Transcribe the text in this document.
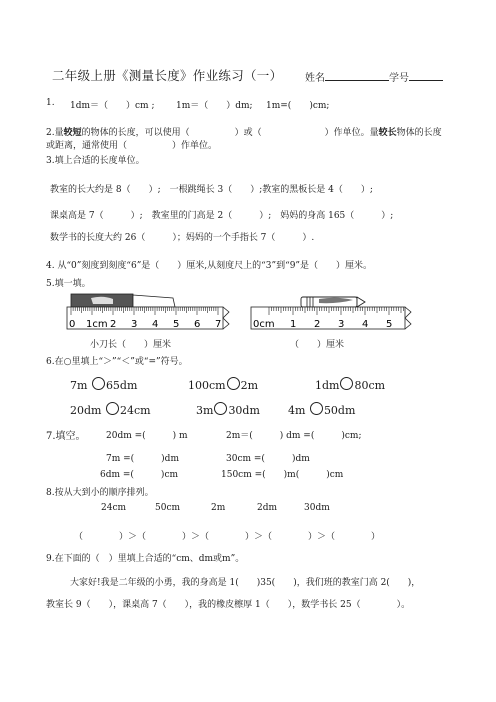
二年级上册《测量长度》作业练习（一） 姓名	学号
1. 1dm＝（　　）cm ; 1m＝（　　）dm; 1m=(　　)cm;
2.量较短的物体的长度，可以使用（　　　　　）或（　　　　　　　）作单位。量较长物体的长度
或距离，通常使用（　　　　　）作单位。
3.填上合适的长度单位。
教室的长大约是 8（　　）;　一根跳绳长 3（　　）;教室的黑板长是 4（　　）;
课桌高是 7（　　　）;　教室里的门高是 2（　　　）;　妈妈的身高 165（　　　）;
数学书的长度大约 26（　　　）；妈妈的一个手指长 7（　　　）.
4. 从“0”刻度到刻度“6”是（　　）厘米,从刻度尺上的“3”到“9”是（　　）厘米。
5.填一填。
0 1cm 2 3 4 5 6 7	0cm 1 2 3 4 5
小刀长（　　）厘米	（　　）厘米
6.在○里填上“＞”“＜”或“=”符号。
7m 65dm	100cm 2m	1dm 80cm
20dm 24cm	3m 30dm	4m 50dm
7.填空。 20dm =(　　　) m	2m＝(　　　) dm =(　　　)cm;
7m =(　　　)dm	30cm =(　　　)dm
6dm =(　　　)cm	150cm =(　　)m(　　　)cm
8.按从大到小的顺序排列。
24cm	50cm	2m	2dm	30dm
（　　　　）＞（　　　　）＞（　　　　）＞（　　　　）＞（　　　　）
9.在下面的（　）里填上合适的“cm、dm或m”。
大家好!我是二年级的小勇，我的身高是 1(　　)35(　　)，我们班的教室门高 2(　　)，
教室长 9（　　），课桌高 7（　　），我的橡皮檫厚 1（　　），数学书长 25（　　　　）。
